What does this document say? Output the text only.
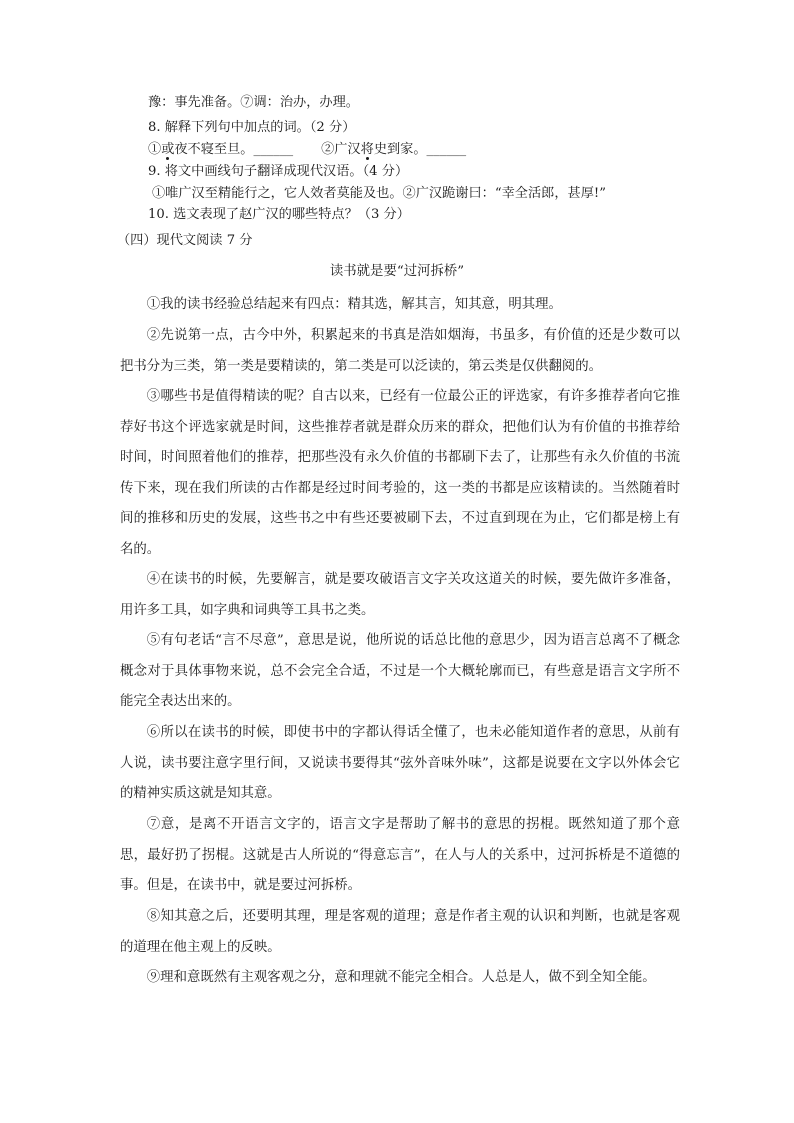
豫：事先准备。⑦调：治办，办理。
8. 解释下列句中加点的词。（2 分）
①或夜不寝至旦。______ ②广汉将史到家。______
9. 将文中画线句子翻译成现代汉语。（4 分）
①唯广汉至精能行之，它人效者莫能及也。②广汉跪谢曰：“幸全活郎，甚厚!”
10. 选文表现了赵广汉的哪些特点？（3 分）
（四）现代文阅读 7 分
读书就是要“过河拆桥”
①我的读书经验总结起来有四点：精其选，解其言，知其意，明其理。
②先说第一点，古今中外，积累起来的书真是浩如烟海，书虽多，有价值的还是少数可以把书分为三类，第一类是要精读的，第二类是可以泛读的，第云类是仅供翻阅的。
③哪些书是值得精读的呢？自古以来，已经有一位最公正的评选家，有许多推荐者向它推荐好书这个评选家就是时间，这些推荐者就是群众历来的群众，把他们认为有价值的书推荐给时间，时间照着他们的推荐，把那些没有永久价值的书都刷下去了，让那些有永久价值的书流传下来，现在我们所读的古作都是经过时间考验的，这一类的书都是应该精读的。当然随着时间的推移和历史的发展，这些书之中有些还要被刷下去，不过直到现在为止，它们都是榜上有名的。
④在读书的时候，先要解言，就是要攻破语言文字关攻这道关的时候，要先做许多准备，用许多工具，如字典和词典等工具书之类。
⑤有句老话“言不尽意”，意思是说，他所说的话总比他的意思少，因为语言总离不了概念概念对于具体事物来说，总不会完全合适，不过是一个大概轮廓而已，有些意是语言文字所不能完全表达出来的。
⑥所以在读书的时候，即使书中的字都认得话全懂了，也未必能知道作者的意思，从前有人说，读书要注意字里行间，又说读书要得其“弦外音味外味”，这都是说要在文字以外体会它的精神实质这就是知其意。
⑦意，是离不开语言文字的，语言文字是帮助了解书的意思的拐棍。既然知道了那个意思，最好扔了拐棍。这就是古人所说的“得意忘言”，在人与人的关系中，过河拆桥是不道德的事。但是，在读书中，就是要过河拆桥。
⑧知其意之后，还要明其理，理是客观的道理；意是作者主观的认识和判断，也就是客观的道理在他主观上的反映。
⑨理和意既然有主观客观之分，意和理就不能完全相合。人总是人，做不到全知全能。
